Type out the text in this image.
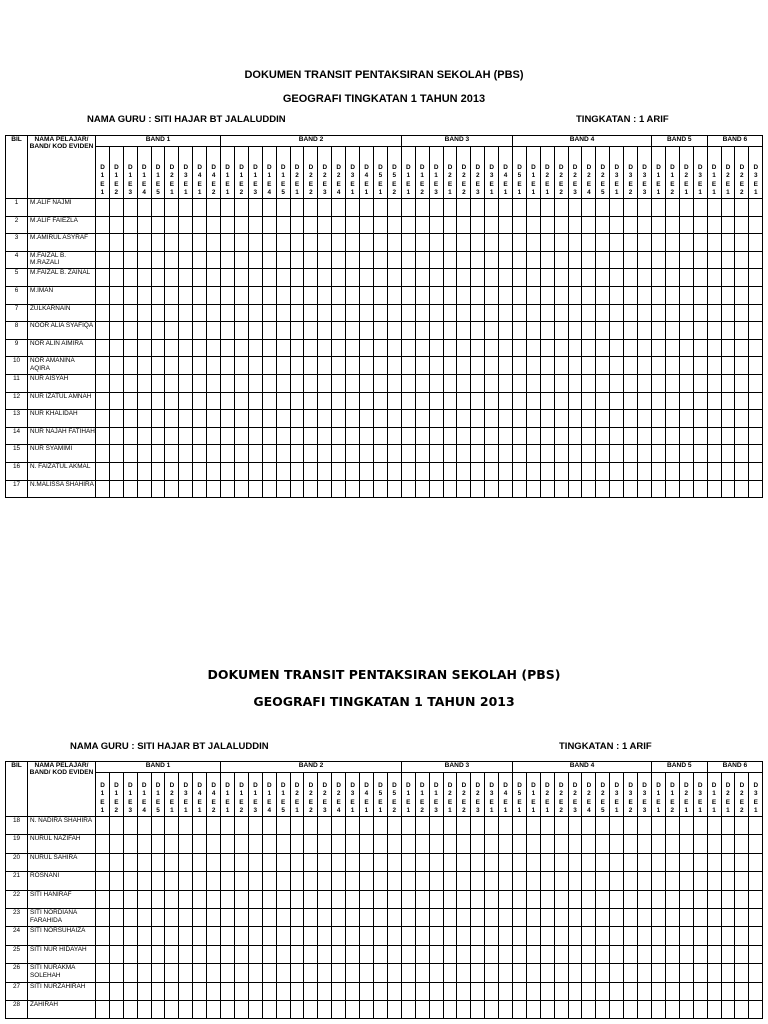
DOKUMEN TRANSIT PENTAKSIRAN SEKOLAH (PBS)
GEOGRAFI TINGKATAN 1 TAHUN 2013
NAMA GURU : SITI HAJAR BT JALALUDDIN	TINGKATAN : 1 ARIF
BIL	NAMA PELAJAR/ BAND/ KOD EVIDEN	BAND 1									BAND 2													BAND 3								BAND 4										BAND 5				BAND 6			

		D1E1	D1E2	D1E3	D1E4	D1E5	D2E1	D3E1	D4E1	D4E2	D1E1	D1E2	D1E3	D1E4	D1E5	D2E1	D2E2	D2E3	D2E4	D3E1	D4E1	D5E1	D5E2	D1E1	D1E2	D1E3	D2E1	D2E2	D2E3	D3E1	D4E1	D5E1	D1E1	D2E1	D2E2	D2E3	D2E4	D2E5	D3E1	D3E2	D3E3	D1E1	D1E2	D2E1	D3E1	D1E1	D2E1	D2E2	D3E1

1	M.ALIF NAJMI																																																
2	M.ALIF FAIEZLA																																																
3	M.AMIRUL ASYRAF																																																
4	M.FAIZAL B. M.RAZALI																																																
5	M.FAIZAL B. ZAINAL																																																
6	M.IMAN																																																
7	ZULKARNAIN																																																
8	NOOR ALIA SYAFIQA																																																
9	NOR ALIN AIMIRA																																																
10	NOR AMANINA AQIRA																																																
11	NUR AISYAH																																																
12	NUR IZATUL AMNAH																																																
13	NUR KHALIDAH																																																
14	NUR NAJAH FATIHAH																																																
15	NUR SYAMIMI																																																
16	N. FAIZATUL AKMAL																																																
17	N.MALISSA SHAHIRA																																																
DOKUMEN TRANSIT PENTAKSIRAN SEKOLAH (PBS)
GEOGRAFI TINGKATAN 1 TAHUN 2013
NAMA GURU : SITI HAJAR BT JALALUDDIN	TINGKATAN : 1 ARIF
BIL	NAMA PELAJAR/ BAND/ KOD EVIDEN	BAND 1									BAND 2													BAND 3								BAND 4										BAND 5				BAND 6			

		D1E1	D1E2	D1E3	D1E4	D1E5	D2E1	D3E1	D4E1	D4E2	D1E1	D1E2	D1E3	D1E4	D1E5	D2E1	D2E2	D2E3	D2E4	D3E1	D4E1	D5E1	D5E2	D1E1	D1E2	D1E3	D2E1	D2E2	D2E3	D3E1	D4E1	D5E1	D1E1	D2E1	D2E2	D2E3	D2E4	D2E5	D3E1	D3E2	D3E3	D1E1	D1E2	D2E1	D3E1	D1E1	D2E1	D2E2	D3E1

18	N. NADIRA SHAHIRA																																																
19	NURUL NAZIFAH																																																
20	NURUL SAHIRA																																																
21	ROSNANI																																																
22	SITI HANIRAF																																																
23	SITI NORDIANA FARAHIDA																																																
24	SITI NORSUHAIZA																																																
25	SITI NUR HIDAYAH																																																
26	SITI NURAKMA SOLEHAH																																																
27	SITI NURZAHIRAH																																																
28	ZAHIRAH																																																
